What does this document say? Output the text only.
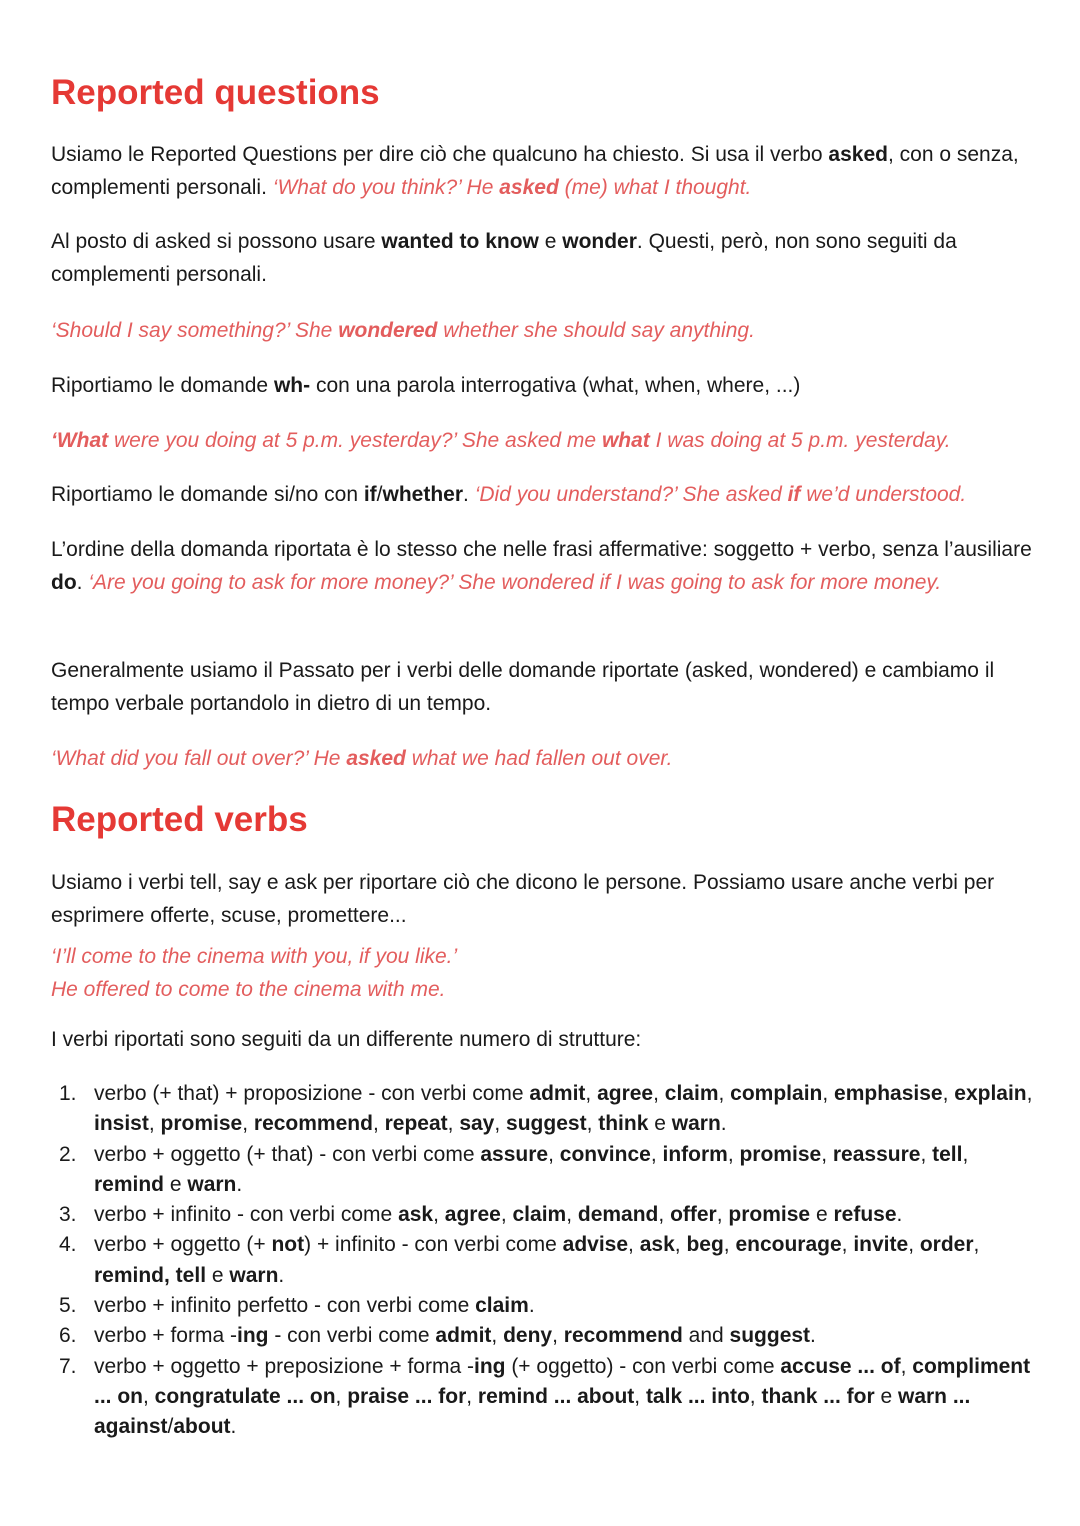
Reported questions

Usiamo le Reported Questions per dire ciò che qualcuno ha chiesto. Si usa il verbo asked, con o senza, complementi personali. ‘What do you think?’ He asked (me) what I thought.

Al posto di asked si possono usare wanted to know e wonder. Questi, però, non sono seguiti da complementi personali.

‘Should I say something?’ She wondered whether she should say anything.

Riportiamo le domande wh- con una parola interrogativa (what, when, where, ...)

‘What were you doing at 5 p.m. yesterday?’ She asked me what I was doing at 5 p.m. yesterday.

Riportiamo le domande si/no con if/whether. ‘Did you understand?’ She asked if we’d understood.

L’ordine della domanda riportata è lo stesso che nelle frasi affermative: soggetto + verbo, senza l’ausiliare do. ‘Are you going to ask for more money?’ She wondered if I was going to ask for more money.

Generalmente usiamo il Passato per i verbi delle domande riportate (asked, wondered) e cambiamo il tempo verbale portandolo in dietro di un tempo.

‘What did you fall out over?’ He asked what we had fallen out over.

Reported verbs

Usiamo i verbi tell, say e ask per riportare ciò che dicono le persone. Possiamo usare anche verbi per esprimere offerte, scuse, promettere...

‘I’ll come to the cinema with you, if you like.’
He offered to come to the cinema with me.

I verbi riportati sono seguiti da un differente numero di strutture:

1. verbo (+ that) + proposizione - con verbi come admit, agree, claim, complain, emphasise, explain, insist, promise, recommend, repeat, say, suggest, think e warn.
2. verbo + oggetto (+ that) - con verbi come assure, convince, inform, promise, reassure, tell, remind e warn.
3. verbo + infinito - con verbi come ask, agree, claim, demand, offer, promise e refuse.
4. verbo + oggetto (+ not) + infinito - con verbi come advise, ask, beg, encourage, invite, order, remind, tell e warn.
5. verbo + infinito perfetto - con verbi come claim.
6. verbo + forma -ing - con verbi come admit, deny, recommend and suggest.
7. verbo + oggetto + preposizione + forma -ing (+ oggetto) - con verbi come accuse ... of, compliment ... on, congratulate ... on, praise ... for, remind ... about, talk ... into, thank ... for e warn ... against/about.
